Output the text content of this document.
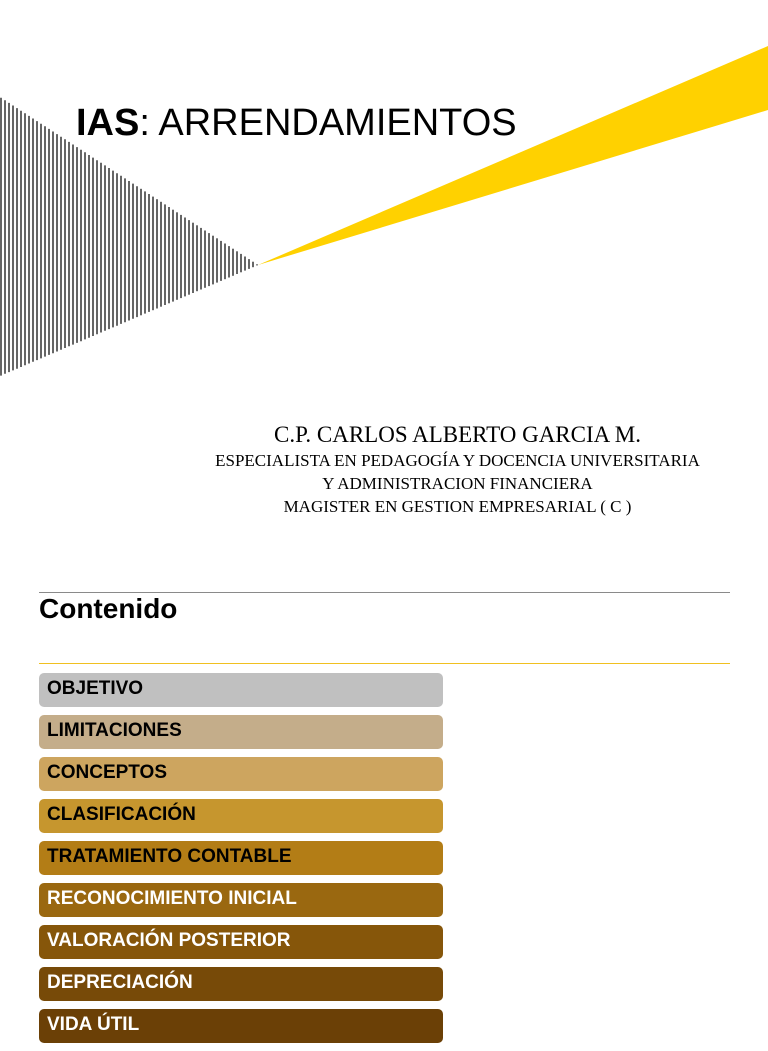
IAS: ARRENDAMIENTOS
C.P. CARLOS ALBERTO GARCIA M.
ESPECIALISTA EN PEDAGOGÍA Y DOCENCIA UNIVERSITARIA
Y ADMINISTRACION FINANCIERA
MAGISTER EN GESTION EMPRESARIAL ( C )
Contenido
OBJETIVO
LIMITACIONES
CONCEPTOS
CLASIFICACIÓN
TRATAMIENTO CONTABLE
RECONOCIMIENTO INICIAL
VALORACIÓN POSTERIOR
DEPRECIACIÓN
VIDA ÚTIL
